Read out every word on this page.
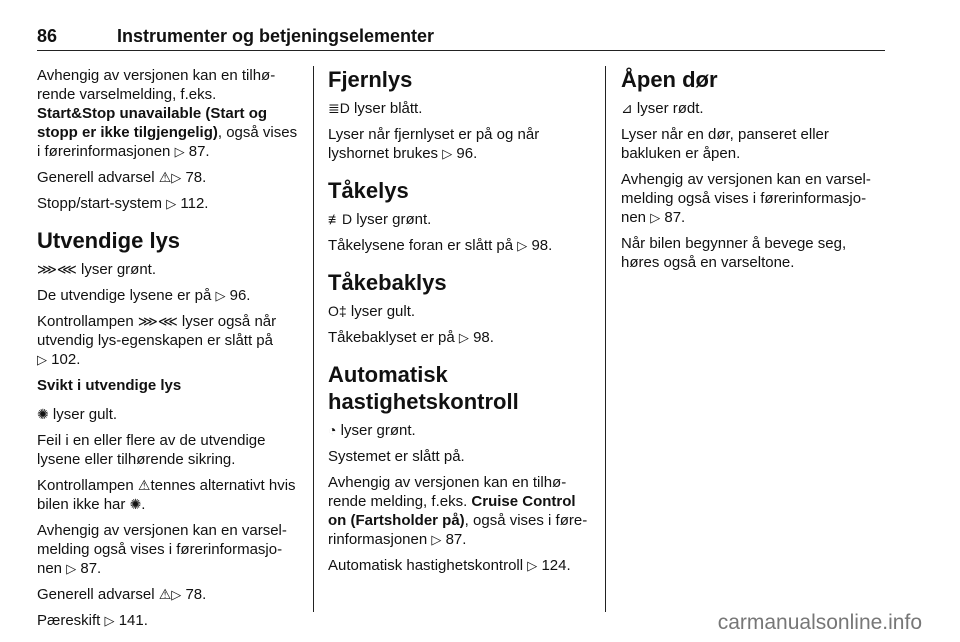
86	Instrumenter og betjeningselementer

Avhengig av versjonen kan en tilhø-rende varselmelding, f.eks.
Start&Stop unavailable (Start og stopp er ikke tilgjengelig), også vises i førerinformasjonen ▷ 87.

Generell advarsel ⚠▷ 78.

Stopp/start-system ▷ 112.

Utvendige lys

⋙⋘ lyser grønt.

De utvendige lysene er på ▷ 96.

Kontrollampen ⋙⋘ lyser også når utvendig lys-egenskapen er slått på
▷ 102.

Svikt i utvendige lys

✺ lyser gult.

Feil i en eller flere av de utvendige lysene eller tilhørende sikring.

Kontrollampen ⚠tennes alternativt hvis bilen ikke har ✺.

Avhengig av versjonen kan en varsel-melding også vises i førerinformasjo-nen ▷ 87.

Generell advarsel ⚠▷ 78.

Pæreskift ▷ 141.

Fjernlys

≣D lyser blått.

Lyser når fjernlyset er på og når lyshornet brukes ▷ 96.

Tåkelys

≢D lyser grønt.

Tåkelysene foran er slått på ▷ 98.

Tåkebaklys

O‡ lyser gult.

Tåkebaklyset er på ▷ 98.

Automatisk hastighetskontroll

◔ lyser grønt.

Systemet er slått på.

Avhengig av versjonen kan en tilhø-rende melding, f.eks. Cruise Control on (Fartsholder på), også vises i føre-rinformasjonen ▷ 87.

Automatisk hastighetskontroll ▷ 124.

Åpen dør

⊿ lyser rødt.

Lyser når en dør, panseret eller bakluken er åpen.

Avhengig av versjonen kan en varsel-melding også vises i førerinformasjo-nen ▷ 87.

Når bilen begynner å bevege seg, høres også en varseltone.

carmanualsonline.info
